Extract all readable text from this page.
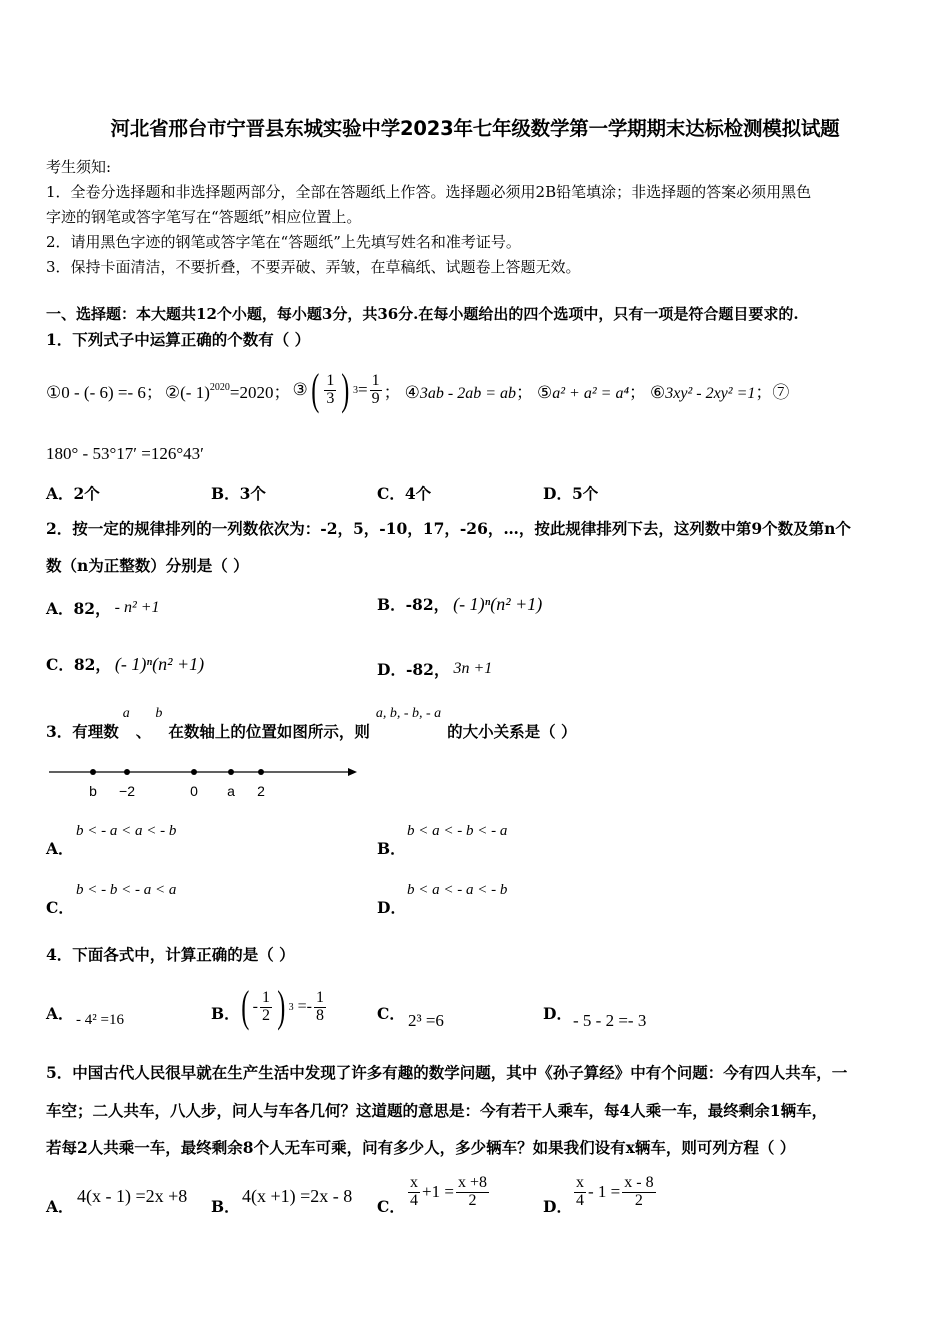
河北省邢台市宁晋县东城实验中学2023年七年级数学第一学期期末达标检测模拟试题
考生须知:
1．全卷分选择题和非选择题两部分，全部在答题纸上作答。选择题必须用2B铅笔填涂；非选择题的答案必须用黑色
字迹的钢笔或答字笔写在“答题纸”相应位置上。
2．请用黑色字迹的钢笔或答字笔在“答题纸”上先填写姓名和准考证号。
3．保持卡面清洁，不要折叠，不要弄破、弄皱，在草稿纸、试题卷上答题无效。
一、选择题：本大题共12个小题，每小题3分，共36分.在每小题给出的四个选项中，只有一项是符合题目要求的.
1．下列式子中运算正确的个数有（ ）
①0 - (- 6) =- 6； ②(- 1)$^{2020}$=2020； ③ ( $\frac{1}{3}$ ) $3 = \frac{1}{9}$ ； ④3ab - 2ab = ab； ⑤a² + a² = a⁴； ⑥3xy² - 2xy² =1；⑦
180° - 53°17′ =126°43′
A．2个	B．3个	C．4个	D．5个
2．按一定的规律排列的一列数依次为：-2，5，-10，17，-26，…，按此规律排列下去，这列数中第9个数及第n个
数（n为正整数）分别是（ ）
A．82， - n² +1	B．-82， (- 1)ⁿ(n² +1)
C．82， (- 1)ⁿ(n² +1)	D．-82， 3n +1
3．有理数
a
、
b
在数轴上的位置如图所示，则
a, b, - b, - a
的大小关系是（ ）
b −2	0 a 2
A．
b < - a < a < - b
B．
b < a < - b < - a
C．
b < - b < - a < a
D．
b < a < - a < - b
4．下面各式中，计算正确的是（ ）
A． - 4² =16	B． ( - $\frac{1}{2}$ ) $3 =- \frac{1}{8}$	C． 2³ =6	D． - 5 - 2 =- 3
5．中国古代人民很早就在生产生活中发现了许多有趣的数学问题，其中《孙子算经》中有个问题：今有四人共车，一
车空；二人共车，八人步，问人与车各几何？这道题的意思是：今有若干人乘车，每4人乘一车，最终剩余1辆车，
若每2人共乘一车，最终剩余8个人无车可乘，问有多少人，多少辆车？如果我们设有x辆车，则可列方程（ ）
A．
4(x - 1) =2x +8
B．
4(x +1) =2x - 8
C． $\frac{x}{4} +1 = \frac{x +8}{2}$	D． $\frac{x}{4} - 1 = \frac{x - 8}{2}$
